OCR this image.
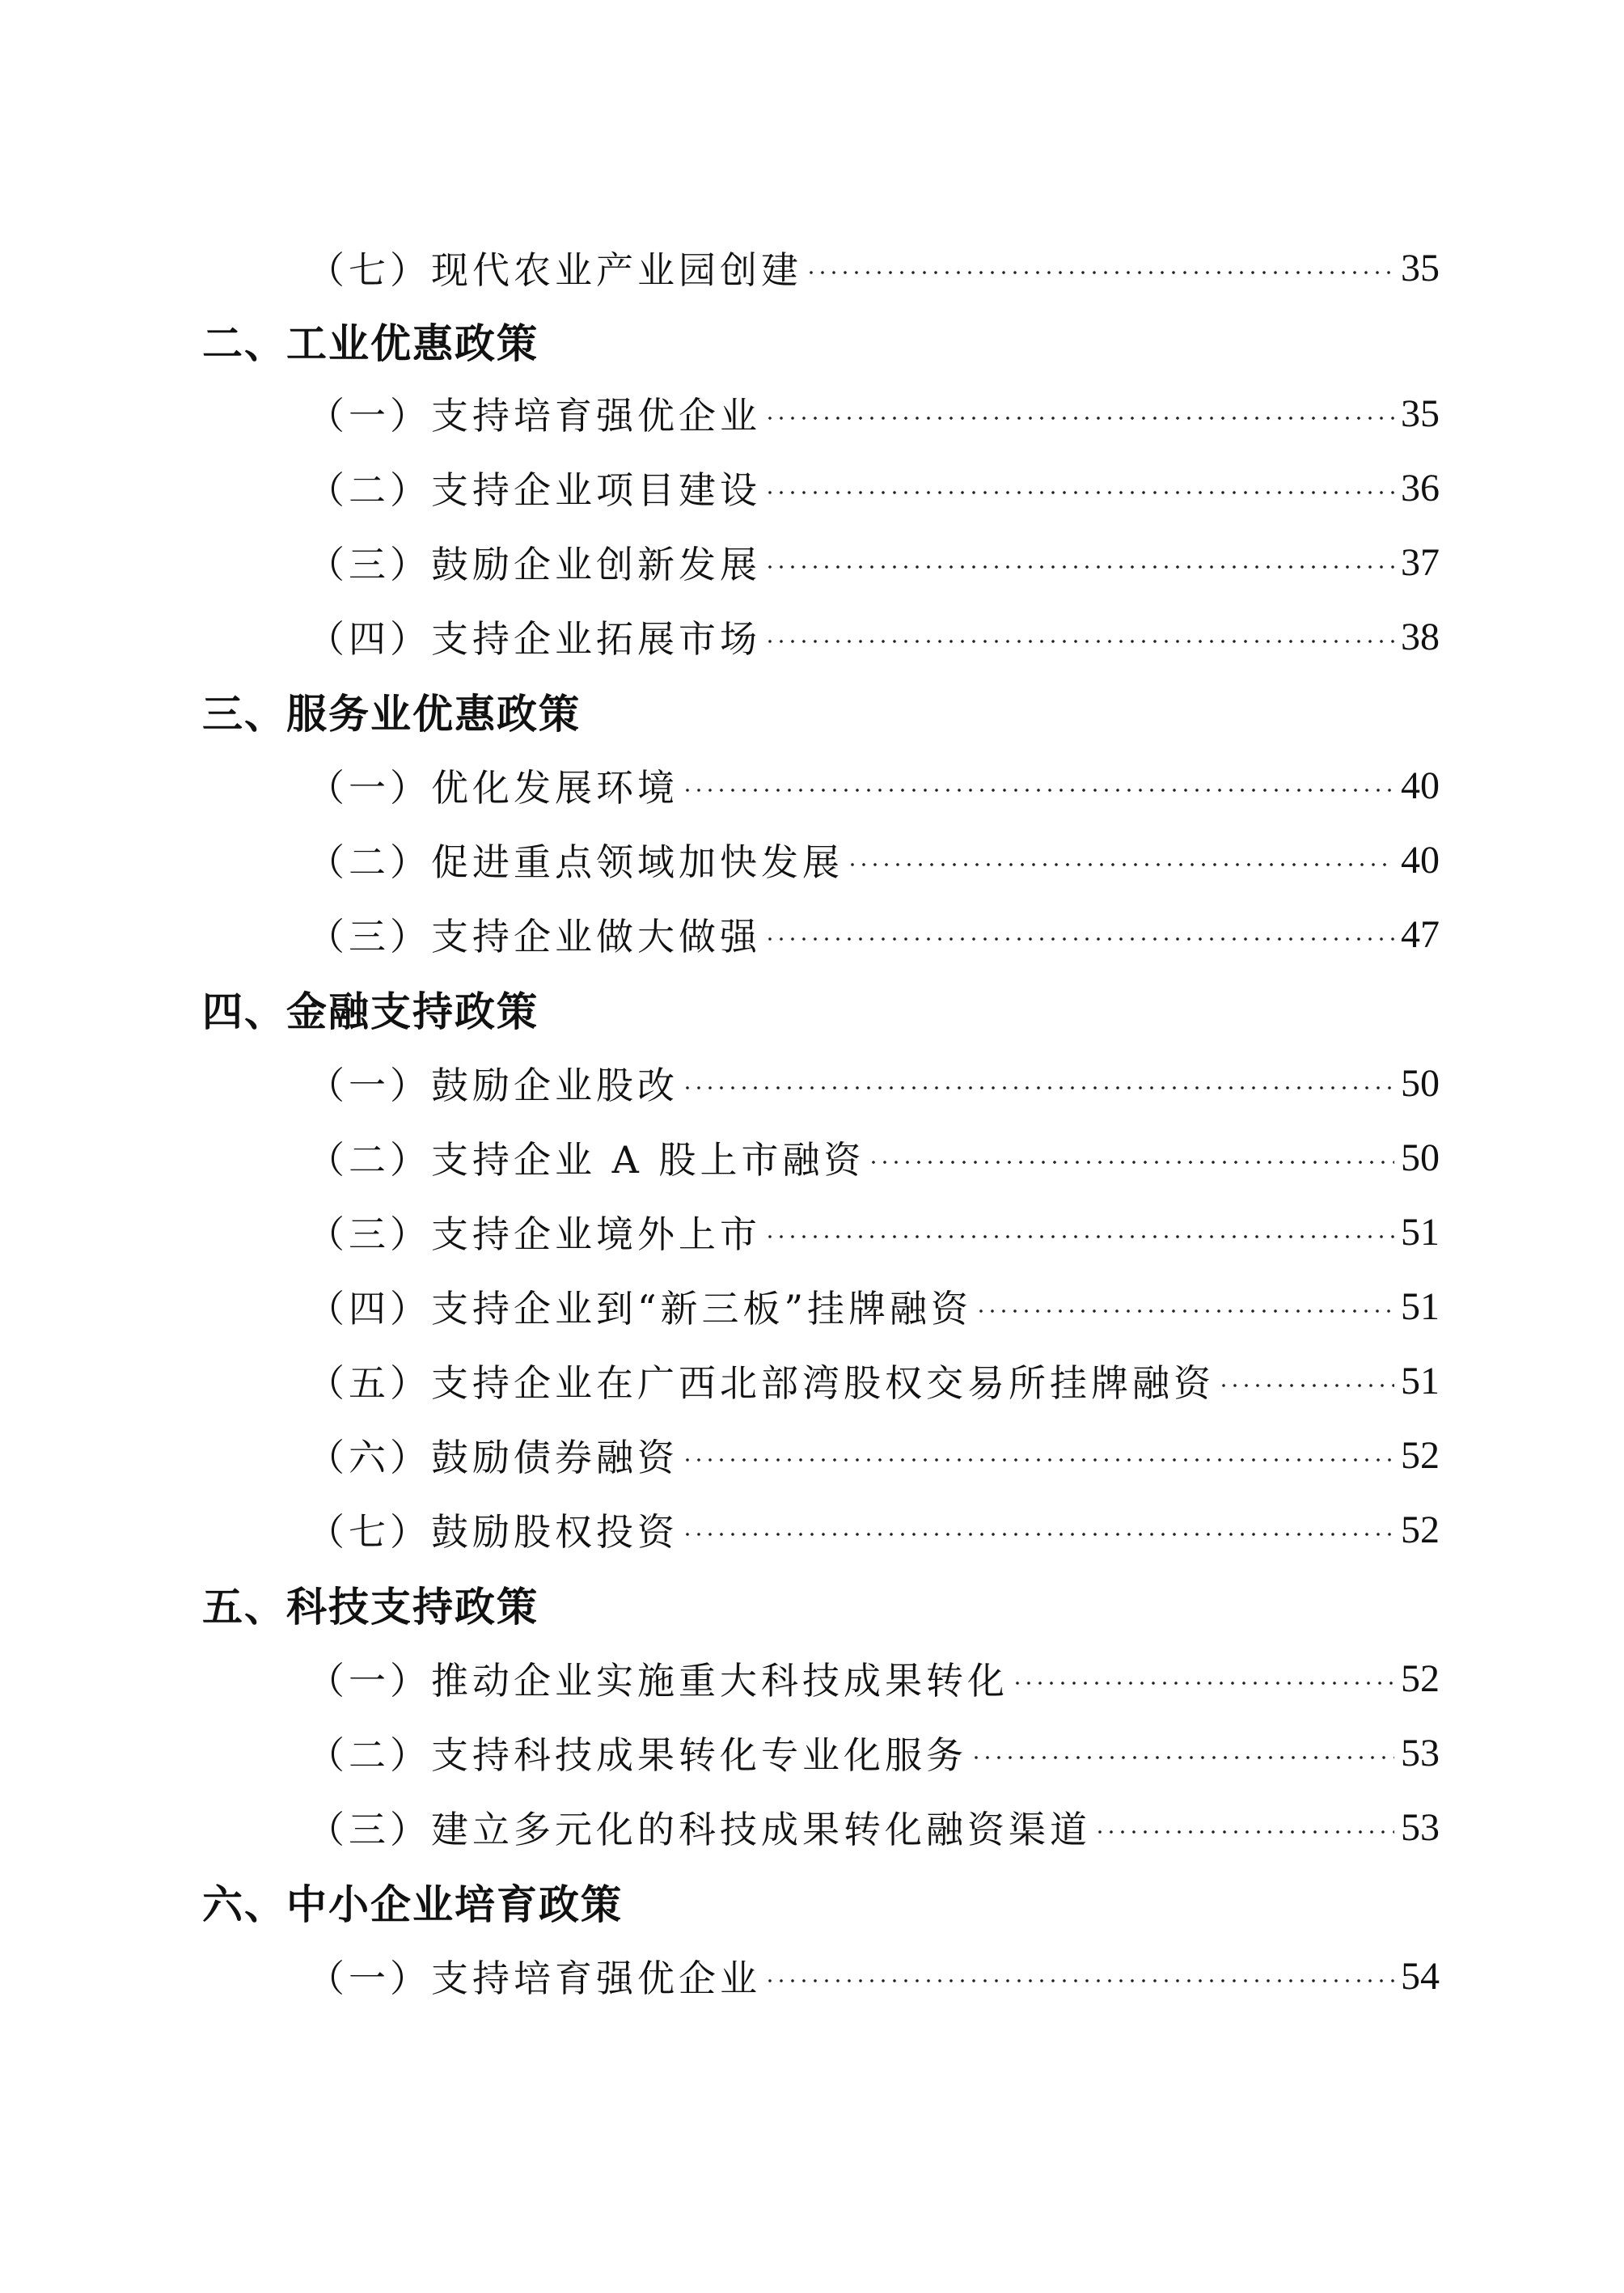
（七）现代农业产业园创建	35
二、工业优惠政策
（一）支持培育强优企业	35
（二）支持企业项目建设	36
（三）鼓励企业创新发展	37
（四）支持企业拓展市场	38
三、服务业优惠政策
（一）优化发展环境	40
（二）促进重点领域加快发展	40
（三）支持企业做大做强	47
四、金融支持政策
（一）鼓励企业股改	50
（二）支持企业 A 股上市融资	50
（三）支持企业境外上市	51
（四）支持企业到“新三板”挂牌融资	51
（五）支持企业在广西北部湾股权交易所挂牌融资	51
（六）鼓励债券融资	52
（七）鼓励股权投资	52
五、科技支持政策
（一）推动企业实施重大科技成果转化	52
（二）支持科技成果转化专业化服务	53
（三）建立多元化的科技成果转化融资渠道	53
六、中小企业培育政策
（一）支持培育强优企业	54
